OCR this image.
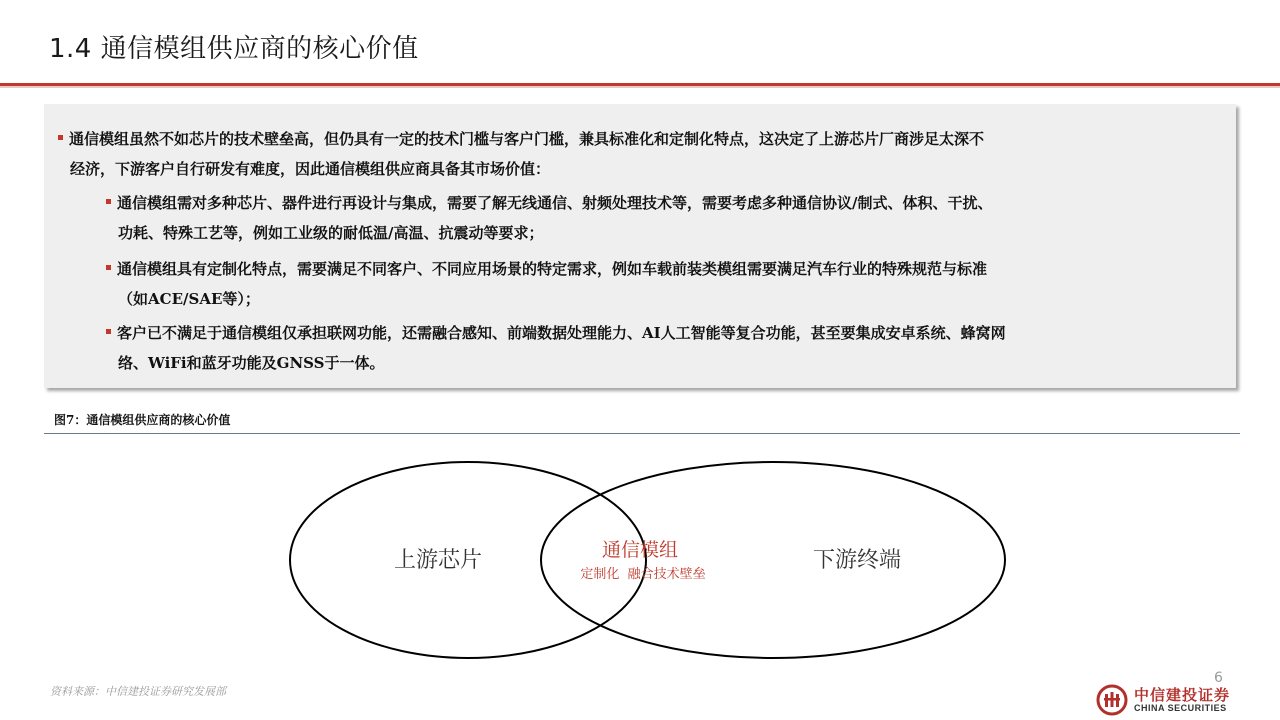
1.4 通信模组供应商的核心价值
通信模组虽然不如芯片的技术壁垒高，但仍具有一定的技术门槛与客户门槛，兼具标准化和定制化特点，这决定了上游芯片厂商涉足太深不
经济，下游客户自行研发有难度，因此通信模组供应商具备其市场价值：
通信模组需对多种芯片、器件进行再设计与集成，需要了解无线通信、射频处理技术等，需要考虑多种通信协议/制式、体积、干扰、
功耗、特殊工艺等，例如工业级的耐低温/高温、抗震动等要求；
通信模组具有定制化特点，需要满足不同客户、不同应用场景的特定需求，例如车载前装类模组需要满足汽车行业的特殊规范与标准
（如ACE/SAE等）；
客户已不满足于通信模组仅承担联网功能，还需融合感知、前端数据处理能力、AI人工智能等复合功能，甚至要集成安卓系统、蜂窝网
络、WiFi和蓝牙功能及GNSS于一体。
图7：通信模组供应商的核心价值
上游芯片	下游终端
通信模组
定制化  融合技术壁垒
资料来源：中信建投证券研究发展部
6
中信建投证券
CHINA SECURITIES
